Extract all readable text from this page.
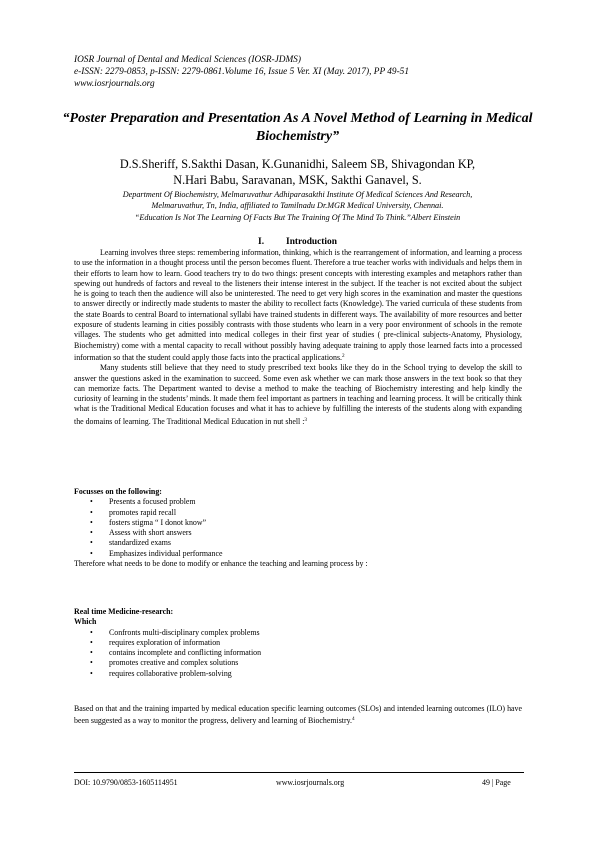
IOSR Journal of Dental and Medical Sciences (IOSR-JDMS)
e-ISSN: 2279-0853, p-ISSN: 2279-0861.Volume 16, Issue 5 Ver. XI (May. 2017), PP 49-51
www.iosrjournals.org
“Poster Preparation and Presentation As A Novel Method of Learning in Medical Biochemistry”
D.S.Sheriff, S.Sakthi Dasan, K.Gunanidhi, Saleem SB, Shivagondan KP,
N.Hari Babu, Saravanan, MSK, Sakthi Ganavel, S.
Department Of Biochemistry, Melmaruvathur Adhiparasakthi Institute Of Medical Sciences And Research,
Melmaruvathur, Tn, India, affiliated to Tamilnadu Dr.MGR Medical University, Chennai.
“Education Is Not The Learning Of Facts But The Training Of The Mind To Think.”Albert Einstein
I. Introduction

Learning involves three steps: remembering information, thinking, which is the rearrangement of information, and learning a process to use the information in a thought process until the person becomes fluent. Therefore a true teacher works with individuals and helps them in their efforts to learn how to learn. Good teachers try to do two things: present concepts with interesting examples and metaphors rather than spewing out hundreds of factors and reveal to the listeners their intense interest in the subject. If the teacher is not excited about the subject he is going to teach then the audience will also be uninterested. The need to get very high scores in the examination and master the questions to answer directly or indirectly made students to master the ability to recollect facts (Knowledge). The varied curricula of these students from the state Boards to central Board to international syllabi have trained students in different ways. The availability of more resources and better exposure of students learning in cities possibly contrasts with those students who learn in a very poor environment of schools in the remote villages. The students who get admitted into medical colleges in their first year of studies ( pre-clinical subjects-Anatomy, Physiology, Biochemistry) come with a mental capacity to recall without possibly having adequate training to apply those learned facts into a processed information so that the student could apply those facts into the practical applications.$^2$

Many students still believe that they need to study prescribed text books like they do in the School trying to develop the skill to answer the questions asked in the examination to succeed. Some even ask whether we can mark those answers in the text book so that they can memorize facts. The Department wanted to devise a method to make the teaching of Biochemistry interesting and help kindly the curiosity of learning in the students’ minds. It made them feel important as partners in teaching and learning process. It will be critically think what is the Traditional Medical Education focuses and what it has to achieve by fulfilling the interests of the students along with expanding the domains of learning. The Traditional Medical Education in nut shell :$^3$

Focusses on the following:
• Presents a focused problem
• promotes rapid recall
• fosters stigma “ I donot know”
• Assess with short answers
• standardized exams
• Emphasizes individual performance
Therefore what needs to be done to modify or enhance the teaching and learning process by :
Real time Medicine-research:
Which
• Confronts multi-disciplinary complex problems
• requires exploration of information
• contains incomplete and conflicting information
• promotes creative and complex solutions
• requires collaborative problem-solving
Based on that and the training imparted by medical education specific learning outcomes (SLOs) and intended learning outcomes (ILO) have been suggested as a way to monitor the progress, delivery and learning of Biochemistry.$^4$
DOI: 10.9790/0853-1605114951	www.iosrjournals.org	49 | Page
